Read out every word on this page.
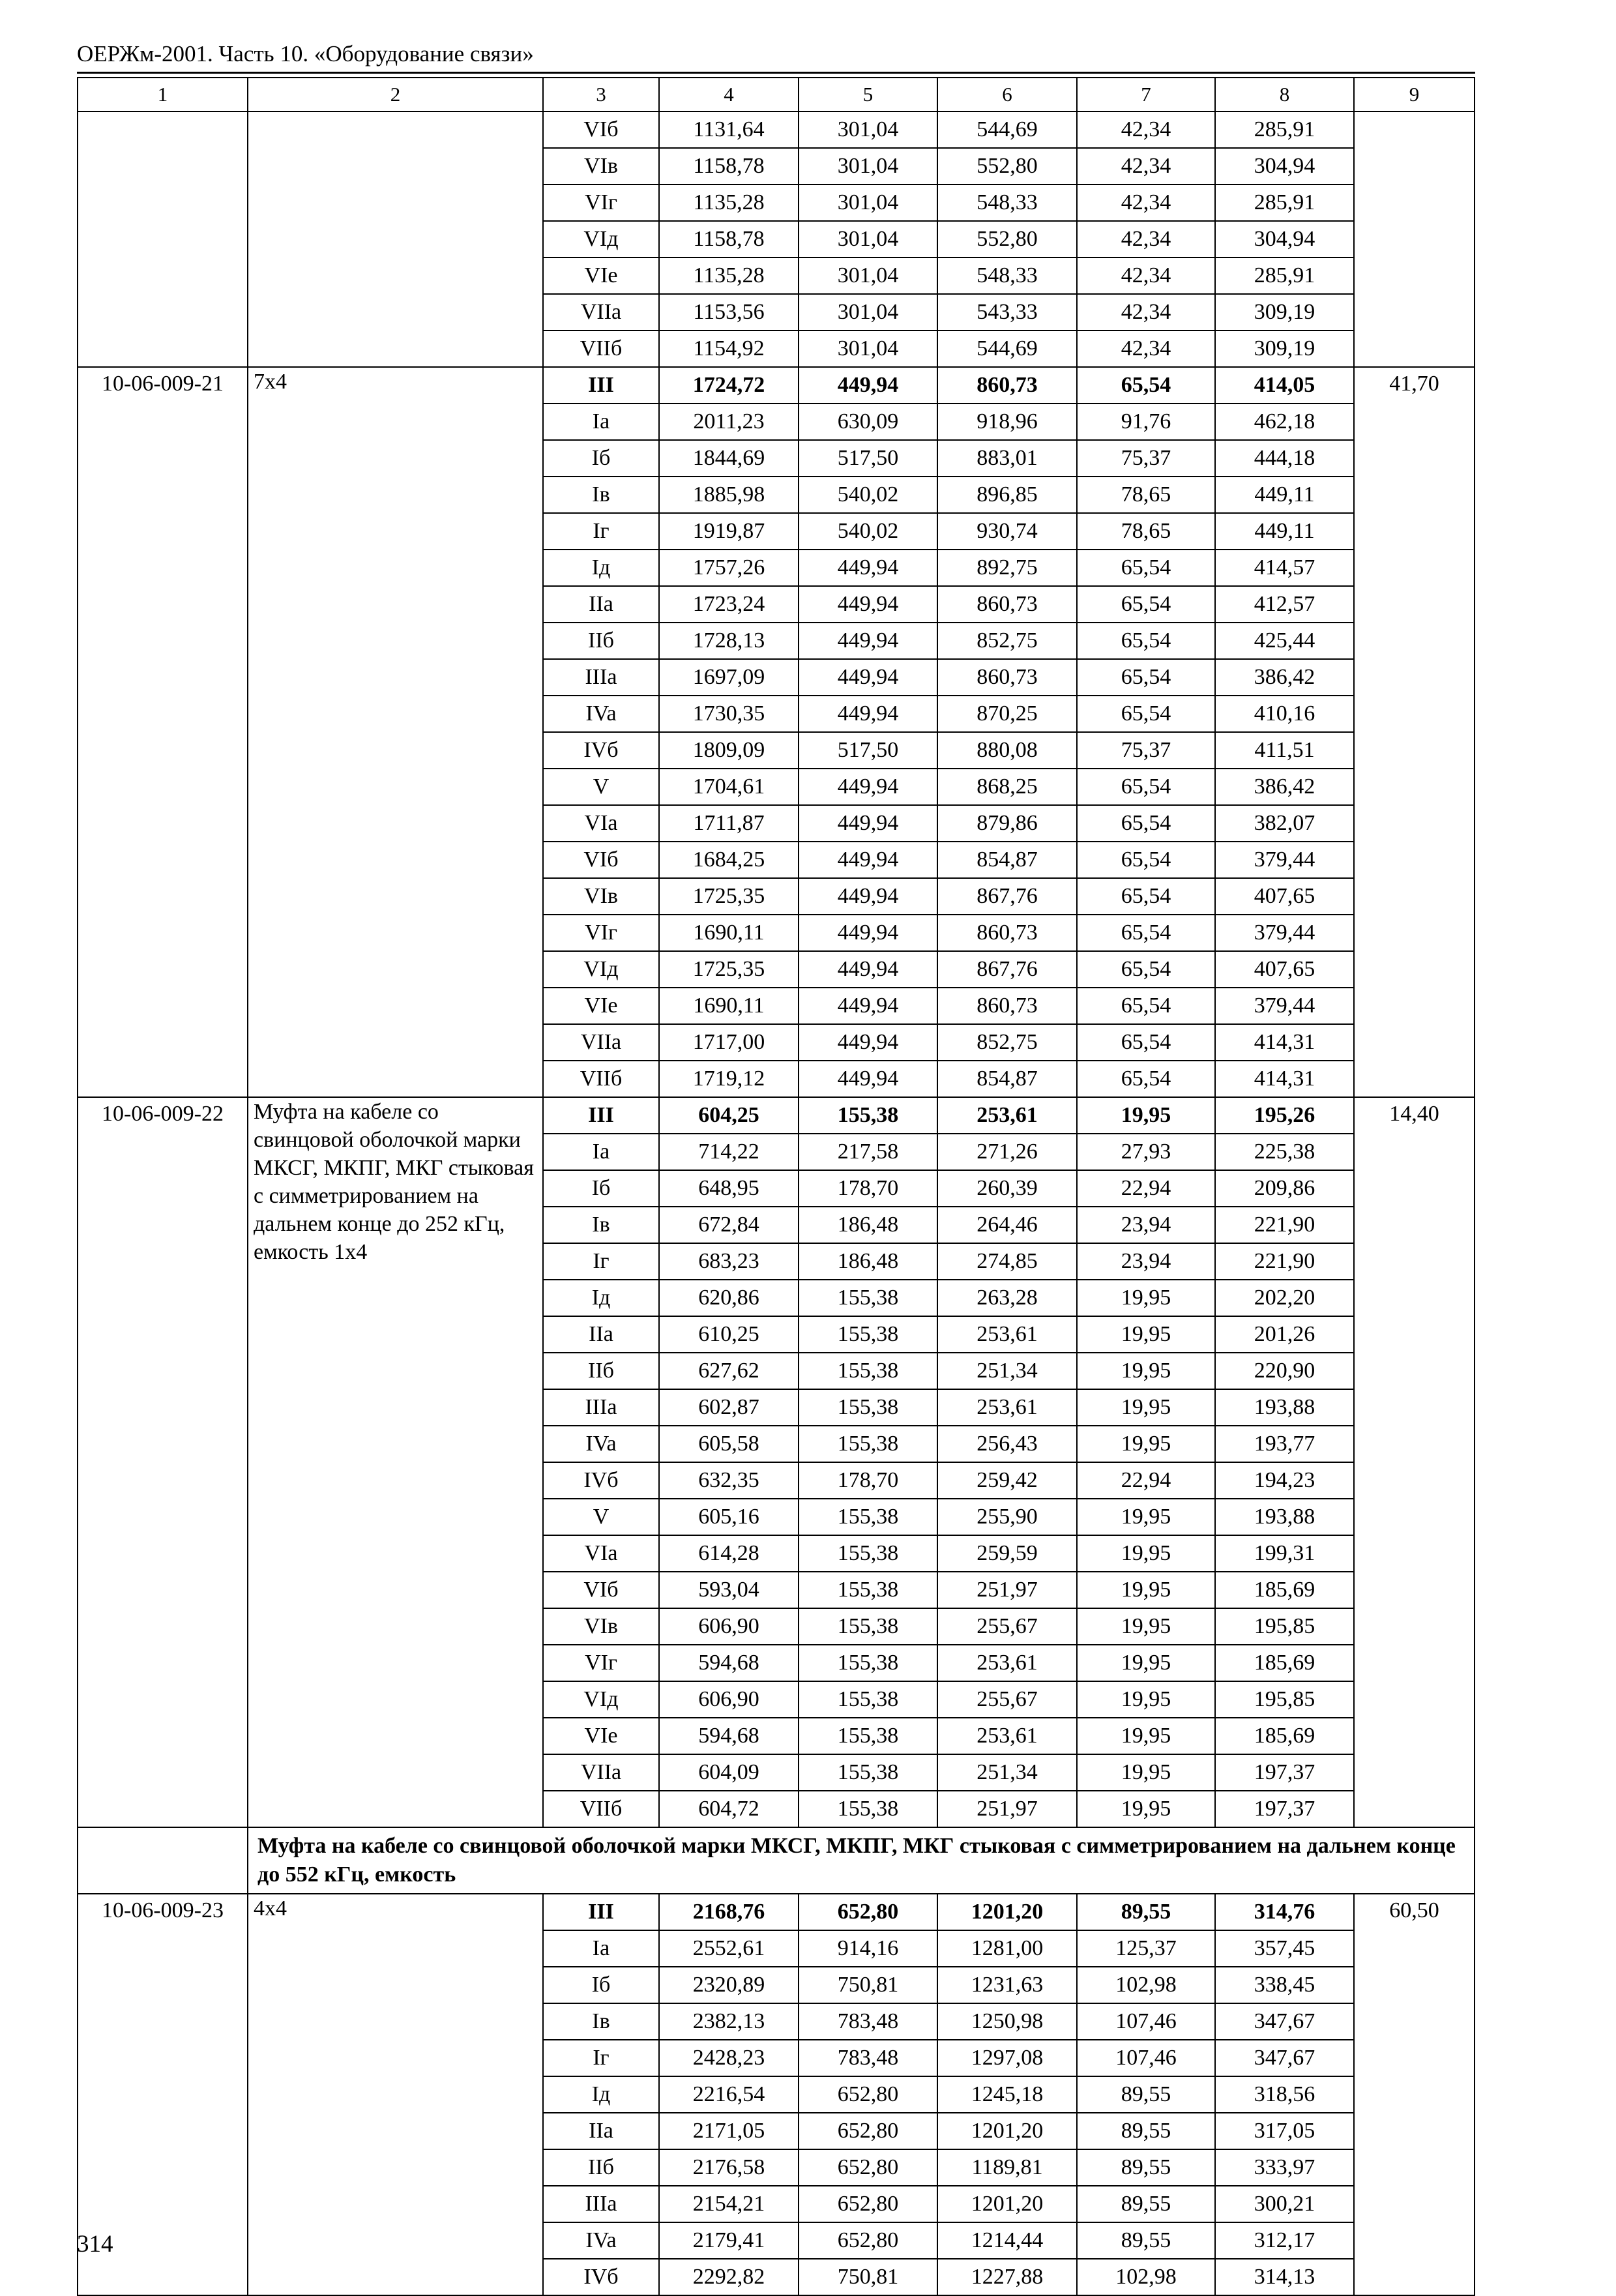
ОЕРЖм-2001. Часть 10. «Оборудование связи»
1	2	3	4	5	6	7	8	9
		VIб	1131,64	301,04	544,69	42,34	285,91	
		VIв	1158,78	301,04	552,80	42,34	304,94	
		VIг	1135,28	301,04	548,33	42,34	285,91	
		VIд	1158,78	301,04	552,80	42,34	304,94	
		VIe	1135,28	301,04	548,33	42,34	285,91	
		VIIa	1153,56	301,04	543,33	42,34	309,19	
		VIIб	1154,92	301,04	544,69	42,34	309,19	
10-06-009-21	7х4	III	1724,72	449,94	860,73	65,54	414,05	41,70
		Ia	2011,23	630,09	918,96	91,76	462,18	
		Iб	1844,69	517,50	883,01	75,37	444,18	
		Iв	1885,98	540,02	896,85	78,65	449,11	
		Iг	1919,87	540,02	930,74	78,65	449,11	
		Iд	1757,26	449,94	892,75	65,54	414,57	
		IIa	1723,24	449,94	860,73	65,54	412,57	
		IIб	1728,13	449,94	852,75	65,54	425,44	
		IIIa	1697,09	449,94	860,73	65,54	386,42	
		IVa	1730,35	449,94	870,25	65,54	410,16	
		IVб	1809,09	517,50	880,08	75,37	411,51	
		V	1704,61	449,94	868,25	65,54	386,42	
		VIa	1711,87	449,94	879,86	65,54	382,07	
		VIб	1684,25	449,94	854,87	65,54	379,44	
		VIв	1725,35	449,94	867,76	65,54	407,65	
		VIг	1690,11	449,94	860,73	65,54	379,44	
		VIд	1725,35	449,94	867,76	65,54	407,65	
		VIe	1690,11	449,94	860,73	65,54	379,44	
		VIIa	1717,00	449,94	852,75	65,54	414,31	
		VIIб	1719,12	449,94	854,87	65,54	414,31	
10-06-009-22	Муфта на кабеле со свинцовой оболочкой марки МКСГ, МКПГ, МКГ стыковая с симметрированием на дальнем конце до 252 кГц, емкость 1х4	III	604,25	155,38	253,61	19,95	195,26	14,40
		Ia	714,22	217,58	271,26	27,93	225,38	
		Iб	648,95	178,70	260,39	22,94	209,86	
		Iв	672,84	186,48	264,46	23,94	221,90	
		Iг	683,23	186,48	274,85	23,94	221,90	
		Iд	620,86	155,38	263,28	19,95	202,20	
		IIa	610,25	155,38	253,61	19,95	201,26	
		IIб	627,62	155,38	251,34	19,95	220,90	
		IIIa	602,87	155,38	253,61	19,95	193,88	
		IVa	605,58	155,38	256,43	19,95	193,77	
		IVб	632,35	178,70	259,42	22,94	194,23	
		V	605,16	155,38	255,90	19,95	193,88	
		VIa	614,28	155,38	259,59	19,95	199,31	
		VIб	593,04	155,38	251,97	19,95	185,69	
		VIв	606,90	155,38	255,67	19,95	195,85	
		VIг	594,68	155,38	253,61	19,95	185,69	
		VIд	606,90	155,38	255,67	19,95	195,85	
		VIe	594,68	155,38	253,61	19,95	185,69	
		VIIa	604,09	155,38	251,34	19,95	197,37	
		VIIб	604,72	155,38	251,97	19,95	197,37	
	Муфта на кабеле со свинцовой оболочкой марки МКСГ, МКПГ, МКГ стыковая с симметрированием на дальнем конце до 552 кГц, емкость							
10-06-009-23	4х4	III	2168,76	652,80	1201,20	89,55	314,76	60,50
		Ia	2552,61	914,16	1281,00	125,37	357,45	
		Iб	2320,89	750,81	1231,63	102,98	338,45	
		Iв	2382,13	783,48	1250,98	107,46	347,67	
		Iг	2428,23	783,48	1297,08	107,46	347,67	
		Iд	2216,54	652,80	1245,18	89,55	318,56	
		IIa	2171,05	652,80	1201,20	89,55	317,05	
		IIб	2176,58	652,80	1189,81	89,55	333,97	
		IIIa	2154,21	652,80	1201,20	89,55	300,21	
		IVa	2179,41	652,80	1214,44	89,55	312,17	
		IVб	2292,82	750,81	1227,88	102,98	314,13	
314
